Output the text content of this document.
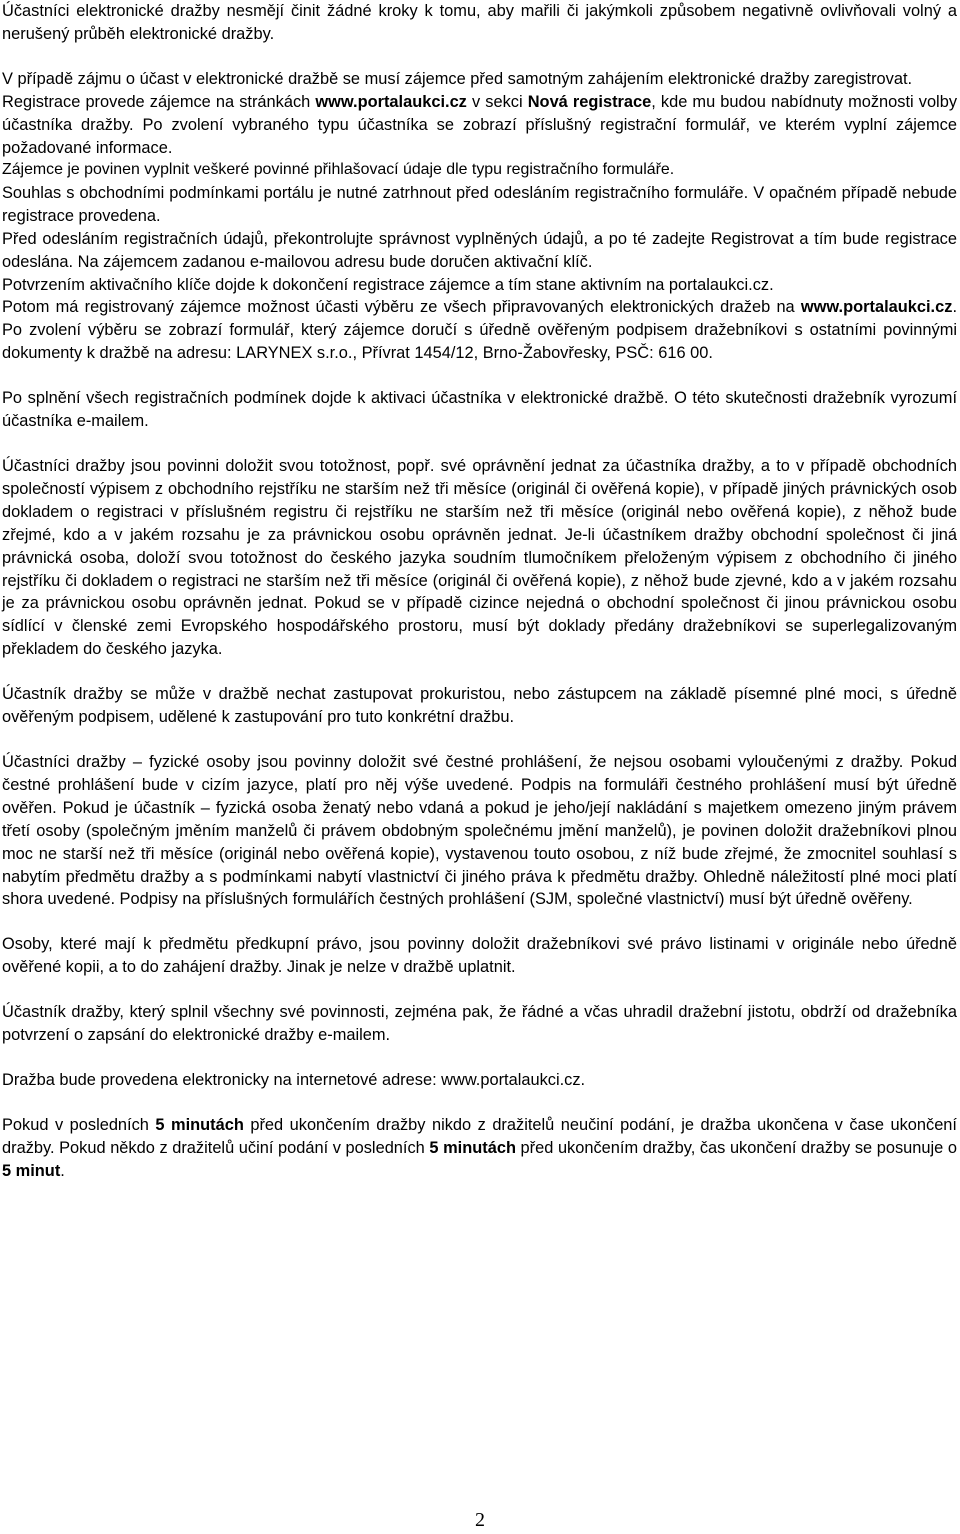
Účastníci elektronické dražby nesmějí činit žádné kroky k tomu, aby mařili či jakýmkoli způsobem negativně ovlivňovali volný a nerušený průběh elektronické dražby.

V případě zájmu o účast v elektronické dražbě se musí zájemce před samotným zahájením elektronické dražby zaregistrovat.

Registrace provede zájemce na stránkách www.portalaukci.cz v sekci Nová registrace, kde mu budou nabídnuty možnosti volby účastníka dražby. Po zvolení vybraného typu účastníka se zobrazí příslušný registrační formulář, ve kterém vyplní zájemce požadované informace.

Zájemce je povinen vyplnit veškeré povinné přihlašovací údaje dle typu registračního formuláře.

Souhlas s obchodními podmínkami portálu je nutné zatrhnout před odesláním registračního formuláře. V opačném případě nebude registrace provedena.

Před odesláním registračních údajů, překontrolujte správnost vyplněných údajů, a po té zadejte Registrovat a tím bude registrace odeslána. Na zájemcem zadanou e-mailovou adresu bude doručen aktivační klíč.

Potvrzením aktivačního klíče dojde k dokončení registrace zájemce a tím stane aktivním na portalaukci.cz.

Potom má registrovaný zájemce možnost účasti výběru ze všech připravovaných elektronických dražeb na www.portalaukci.cz. Po zvolení výběru se zobrazí formulář, který zájemce doručí s úředně ověřeným podpisem dražebníkovi s ostatními povinnými dokumenty k dražbě na adresu: LARYNEX s.r.o., Přívrat 1454/12, Brno-Žabovřesky, PSČ: 616 00.

Po splnění všech registračních podmínek dojde k aktivaci účastníka v elektronické dražbě. O této skutečnosti dražebník vyrozumí účastníka e-mailem.

Účastníci dražby jsou povinni doložit svou totožnost, popř. své oprávnění jednat za účastníka dražby, a to v případě obchodních společností výpisem z obchodního rejstříku ne starším než tři měsíce (originál či ověřená kopie), v případě jiných právnických osob dokladem o registraci v příslušném registru či rejstříku ne starším než tři měsíce (originál nebo ověřená kopie), z něhož bude zřejmé, kdo a v jakém rozsahu je za právnickou osobu oprávněn jednat. Je-li účastníkem dražby obchodní společnost či jiná právnická osoba, doloží svou totožnost do českého jazyka soudním tlumočníkem přeloženým výpisem z obchodního či jiného rejstříku či dokladem o registraci ne starším než tři měsíce (originál či ověřená kopie), z něhož bude zjevné, kdo a v jakém rozsahu je za právnickou osobu oprávněn jednat. Pokud se v případě cizince nejedná o obchodní společnost či jinou právnickou osobu sídlící v členské zemi Evropského hospodářského prostoru, musí být doklady předány dražebníkovi se superlegalizovaným překladem do českého jazyka.

Účastník dražby se může v dražbě nechat zastupovat prokuristou, nebo zástupcem na základě písemné plné moci, s úředně ověřeným podpisem, udělené k zastupování pro tuto konkrétní dražbu.

Účastníci dražby – fyzické osoby jsou povinny doložit své čestné prohlášení, že nejsou osobami vyloučenými z dražby. Pokud čestné prohlášení bude v cizím jazyce, platí pro něj výše uvedené. Podpis na formuláři čestného prohlášení musí být úředně ověřen. Pokud je účastník – fyzická osoba ženatý nebo vdaná a pokud je jeho/její nakládání s majetkem omezeno jiným právem třetí osoby (společným jměním manželů či právem obdobným společnému jmění manželů), je povinen doložit dražebníkovi plnou moc ne starší než tři měsíce (originál nebo ověřená kopie), vystavenou touto osobou, z níž bude zřejmé, že zmocnitel souhlasí s nabytím předmětu dražby a s podmínkami nabytí vlastnictví či jiného práva k předmětu dražby. Ohledně náležitostí plné moci platí shora uvedené. Podpisy na příslušných formulářích čestných prohlášení (SJM, společné vlastnictví) musí být úředně ověřeny.

Osoby, které mají k předmětu předkupní právo, jsou povinny doložit dražebníkovi své právo listinami v originále nebo úředně ověřené kopii, a to do zahájení dražby. Jinak je nelze v dražbě uplatnit.

Účastník dražby, který splnil všechny své povinnosti, zejména pak, že řádné a včas uhradil dražební jistotu, obdrží od dražebníka potvrzení o zapsání do elektronické dražby e-mailem.

Dražba bude provedena elektronicky na internetové adrese: www.portalaukci.cz.

Pokud v posledních 5 minutách před ukončením dražby nikdo z dražitelů neučiní podání, je dražba ukončena v čase ukončení dražby. Pokud někdo z dražitelů učiní podání v posledních 5 minutách před ukončením dražby, čas ukončení dražby se posunuje o 5 minut.

2
